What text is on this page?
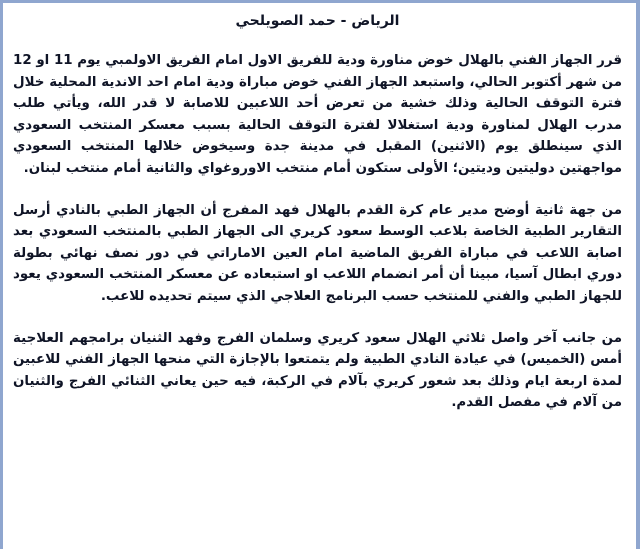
الرياض - حمد الصويلحي

قرر الجهاز الفني بالهلال خوض مناورة ودية للفريق الاول امام الفريق الاولمبي يوم 11 او 12 من شهر أكتوبر الحالي، واستبعد الجهاز الفني خوض مباراة ودية امام احد الاندية المحلية خلال فترة التوقف الحالية وذلك خشية من تعرض أحد اللاعبين للاصابة لا قدر الله، ويأتي طلب مدرب الهلال لمناورة ودية استغلالا لفترة التوقف الحالية بسبب معسكر المنتخب السعودي الذي سينطلق يوم (الاثنين) المقبل في مدينة جدة وسيخوض خلالها المنتخب السعودي مواجهتين دوليتين ودیتين؛ الأولى ستكون أمام منتخب الاوروغواي والثانية أمام منتخب لبنان.

من جهة ثانية أوضح مدير عام كرة القدم بالهلال فهد المفرج أن الجهاز الطبي بالنادي أرسل التقارير الطبية الخاصة بلاعب الوسط سعود كريري الى الجهاز الطبي بالمنتخب السعودي بعد اصابة اللاعب في مباراة الفريق الماضية امام العين الاماراتي في دور نصف نهائي بطولة دوري ابطال آسيا، مبينا أن أمر انضمام اللاعب او استبعاده عن معسكر المنتخب السعودي يعود للجهاز الطبي والفني للمنتخب حسب البرنامج العلاجي الذي سيتم تحديده للاعب.

من جانب آخر واصل ثلاثي الهلال سعود كريري وسلمان الفرج وفهد الثنيان برامجهم العلاجية أمس (الخميس) في عيادة النادي الطبية ولم يتمتعوا بالإجازة التي منحها الجهاز الفني للاعبين لمدة اربعة ايام وذلك بعد شعور كريري بآلام في الركبة، فيه حين يعاني الثنائي الفرج والثنيان من آلام في مفصل القدم.
